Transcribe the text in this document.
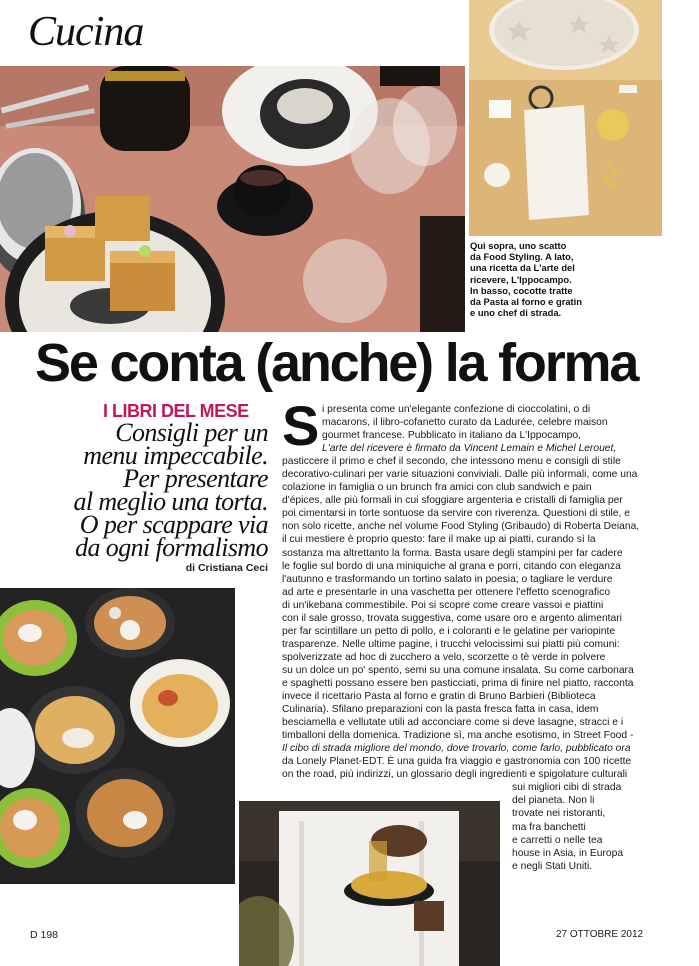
Cucina
Qui sopra, uno scatto
da Food Styling. A lato,
una ricetta da L'arte del
ricevere, L'Ippocampo.
In basso, cocotte tratte
da Pasta al forno e gratin
e uno chef di strada.
Se conta (anche) la forma
I LIBRI DEL MESE
Consigli per un
menu impeccabile.
Per presentare
al meglio una torta.
O per scappare via
da ogni formalismo
di Cristiana Ceci
S i presenta come un'elegante confezione di cioccolatini, o di
macarons, il libro-cofanetto curato da Ladurée, celebre maison
gourmet francese. Pubblicato in italiano da L'Ippocampo,
L'arte del ricevere è firmato da Vincent Lemain e Michel Lerouet,
pasticcere il primo e chef il secondo, che intessono menu e consigli di stile
decorativo-culinari per varie situazioni conviviali. Dalle più informali, come una
colazione in famiglia o un brunch fra amici con club sandwich e pain
d'épices, alle più formali in cui sfoggiare argenteria e cristalli di famiglia per
poi cimentarsi in torte sontuose da servire con riverenza. Questioni di stile, e
non solo ricette, anche nel volume Food Styling (Gribaudo) di Roberta Deiana,
il cui mestiere è proprio questo: fare il make up ai piatti, curando sì la
sostanza ma altrettanto la forma. Basta usare degli stampini per far cadere
le foglie sul bordo di una miniquiche al grana e porri, citando con eleganza
l'autunno e trasformando un tortino salato in poesia; o tagliare le verdure
ad arte e presentarle in una vaschetta per ottenere l'effetto scenografico
di un'ikebana commestibile. Poi si scopre come creare vassoi e piattini
con il sale grosso, trovata suggestiva, come usare oro e argento alimentari
per far scintillare un petto di pollo, e i coloranti e le gelatine per variopinte
trasparenze. Nelle ultime pagine, i trucchi velocissimi sui piatti più comuni:
spolverizzate ad hoc di zucchero a velo, scorzette o tè verde in polvere
su un dolce un po' spento, semi su una comune insalata. Su come carbonara
e spaghetti possano essere ben pasticciati, prima di finire nel piatto, racconta
invece il ricettario Pasta al forno e gratin di Bruno Barbieri (Biblioteca
Culinaria). Sfilano preparazioni con la pasta fresca fatta in casa, idem
besciamella e vellutate utili ad acconciare come si deve lasagne, stracci e i
timballoni della domenica. Tradizione sì, ma anche esotismo, in Street Food -
Il cibo di strada migliore del mondo, dove trovarlo, come farlo, pubblicato ora
da Lonely Planet-EDT. È una guida fra viaggio e gastronomia con 100 ricette
on the road, più indirizzi, un glossario degli ingredienti e spigolature culturali
sui migliori cibi di strada
del pianeta. Non li
trovate nei ristoranti,
ma fra banchetti
e carretti o nelle tea
house in Asia, in Europa
e negli Stati Uniti.
D 198	27 OTTOBRE 2012
